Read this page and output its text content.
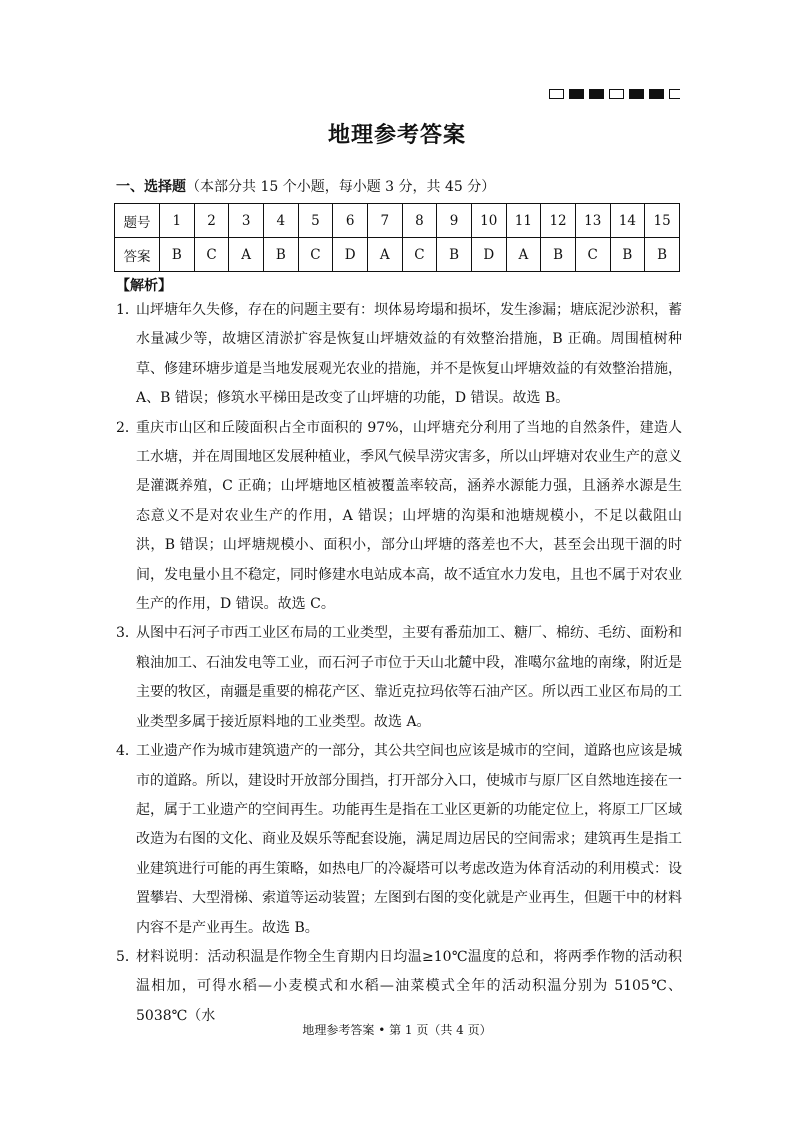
地理参考答案
一、选择题（本部分共 15 个小题，每小题 3 分，共 45 分）
题号	1	2	3	4	5	6	7	8	9	10	11	12	13	14	15
答案	B	C	A	B	C	D	A	C	B	D	A	B	C	B	B
【解析】
1．
山坪塘年久失修，存在的问题主要有：坝体易垮塌和损坏，发生渗漏；塘底泥沙淤积，蓄水量减少等，故塘区清淤扩容是恢复山坪塘效益的有效整治措施，B 正确。周围植树种草、修建环塘步道是当地发展观光农业的措施，并不是恢复山坪塘效益的有效整治措施，A、B 错误；修筑水平梯田是改变了山坪塘的功能，D 错误。故选 B。
2．
重庆市山区和丘陵面积占全市面积的 97%，山坪塘充分利用了当地的自然条件，建造人工水塘，并在周围地区发展种植业，季风气候旱涝灾害多，所以山坪塘对农业生产的意义是灌溉养殖，C 正确；山坪塘地区植被覆盖率较高，涵养水源能力强，且涵养水源是生态意义不是对农业生产的作用，A 错误；山坪塘的沟渠和池塘规模小，不足以截阻山洪，B 错误；山坪塘规模小、面积小，部分山坪塘的落差也不大，甚至会出现干涸的时间，发电量小且不稳定，同时修建水电站成本高，故不适宜水力发电，且也不属于对农业生产的作用，D 错误。故选 C。
3．
从图中石河子市西工业区布局的工业类型，主要有番茄加工、糖厂、棉纺、毛纺、面粉和粮油加工、石油发电等工业，而石河子市位于天山北麓中段，准噶尔盆地的南缘，附近是主要的牧区，南疆是重要的棉花产区、靠近克拉玛依等石油产区。所以西工业区布局的工业类型多属于接近原料地的工业类型。故选 A。
4．
工业遗产作为城市建筑遗产的一部分，其公共空间也应该是城市的空间，道路也应该是城市的道路。所以，建设时开放部分围挡，打开部分入口，使城市与原厂区自然地连接在一起，属于工业遗产的空间再生。功能再生是指在工业区更新的功能定位上，将原工厂区域改造为右图的文化、商业及娱乐等配套设施，满足周边居民的空间需求；建筑再生是指工业建筑进行可能的再生策略，如热电厂的冷凝塔可以考虑改造为体育活动的利用模式：设置攀岩、大型滑梯、索道等运动装置；左图到右图的变化就是产业再生，但题干中的材料内容不是产业再生。故选 B。
5．
材料说明：活动积温是作物全生育期内日均温≥10℃温度的总和，将两季作物的活动积温相加，可得水稻—小麦模式和水稻—油菜模式全年的活动积温分别为 5105℃、5038℃（水
地理参考答案 • 第 1 页（共 4 页）
